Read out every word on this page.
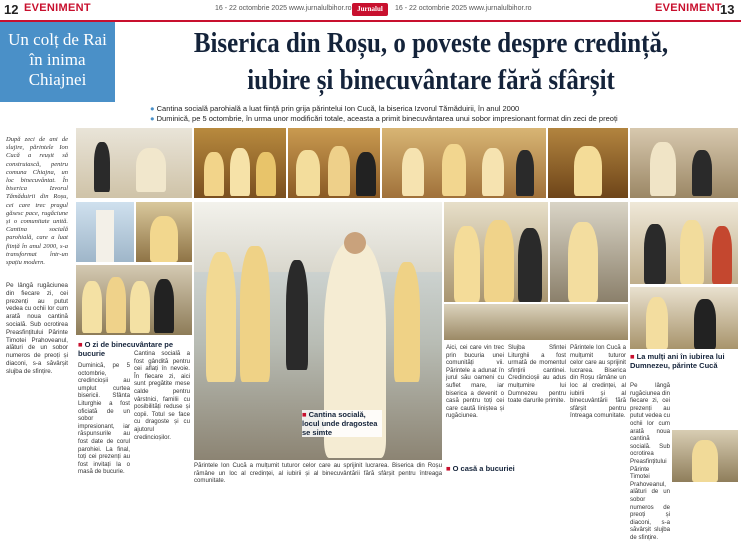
12 EVENIMENT	16 - 22 octombrie 2025 www.jurnalulbihor.ro Jurnalul	16 - 22 octombrie 2025 www.jurnalulbihor.ro	EVENIMENT
13
Un colț de Rai în inima Chiajnei
Biserica din Roșu, o poveste despre credință,
iubire și binecuvântare fără sfârșit
● Cantina socială parohială a luat ființă prin grija părintelui Ion Cucă, la biserica Izvorul Tămăduirii, în anul 2000
● Duminică, pe 5 octombrie, în urma unor modificări totale, aceasta a primit binecuvântarea unui sobor impresionant format din zeci de preoți
După zeci de ani de slujire, părintele Ion Cucă a reușit să construiască, pentru comuna Chiajna, un loc binecuvântat. În biserica Izvorul Tămăduirii din Roșu, cei care trec pragul găsesc pace, rugăciune și o comunitate unită. Cantina socială parohială, care a luat ființă în anul 2000, s-a transformat într-un spațiu modern.
Pe lângă rugăciunea din fiecare zi, cei prezenți au putut vedea cu ochii lor cum arată noua cantină socială. Sub ocrotirea Preasfințitului Părinte Timotei Prahoveanul, alături de un sobor numeros de preoți și diaconi, s-a săvârșit slujba de sfințire.
■ O zi de binecuvântare pe bucurie
Duminică, pe 5 octombrie, credincioșii au umplut curtea bisericii. Sfânta Liturghie a fost oficiată de un sobor impresionant, iar răspunsurile au fost date de corul parohiei. La final, toți cei prezenți au fost invitați la o masă de bucurie.
Cantina socială a fost gândită pentru cei aflați în nevoie. În fiecare zi, aici sunt pregătite mese calde pentru vârstnici, familii cu posibilități reduse și copii. Totul se face cu dragoste și cu ajutorul credincioșilor.
Părintele Ion Cucă a mulțumit tuturor celor care au sprijinit lucrarea. Biserica din Roșu rămâne un loc al credinței, al iubirii și al binecuvântării fără sfârșit pentru întreaga comunitate.
■ Cantina socială, locul unde dragostea se simte
Aici, cei care vin trec prin bucuria unei comunități vii. Părintele a adunat în jurul său oameni cu suflet mare, iar biserica a devenit o casă pentru toți cei care caută liniștea și rugăciunea.
■ O casă a bucuriei
Slujba Sfintei Liturghii a fost urmată de momentul sfințirii cantinei. Credincioșii au adus mulțumire lui Dumnezeu pentru toate darurile primite.
Părintele Ion Cucă a mulțumit tuturor celor care au sprijinit lucrarea. Biserica din Roșu rămâne un loc al credinței, al iubirii și al binecuvântării fără sfârșit pentru întreaga comunitate.
■ La mulți ani în iubirea lui Dumnezeu, părinte Cucă
Pe lângă rugăciunea din fiecare zi, cei prezenți au putut vedea cu ochii lor cum arată noua cantină socială. Sub ocrotirea Preasfințitului Părinte Timotei Prahoveanul, alături de un sobor numeros de preoți și diaconi, s-a săvârșit slujba de sfințire.
